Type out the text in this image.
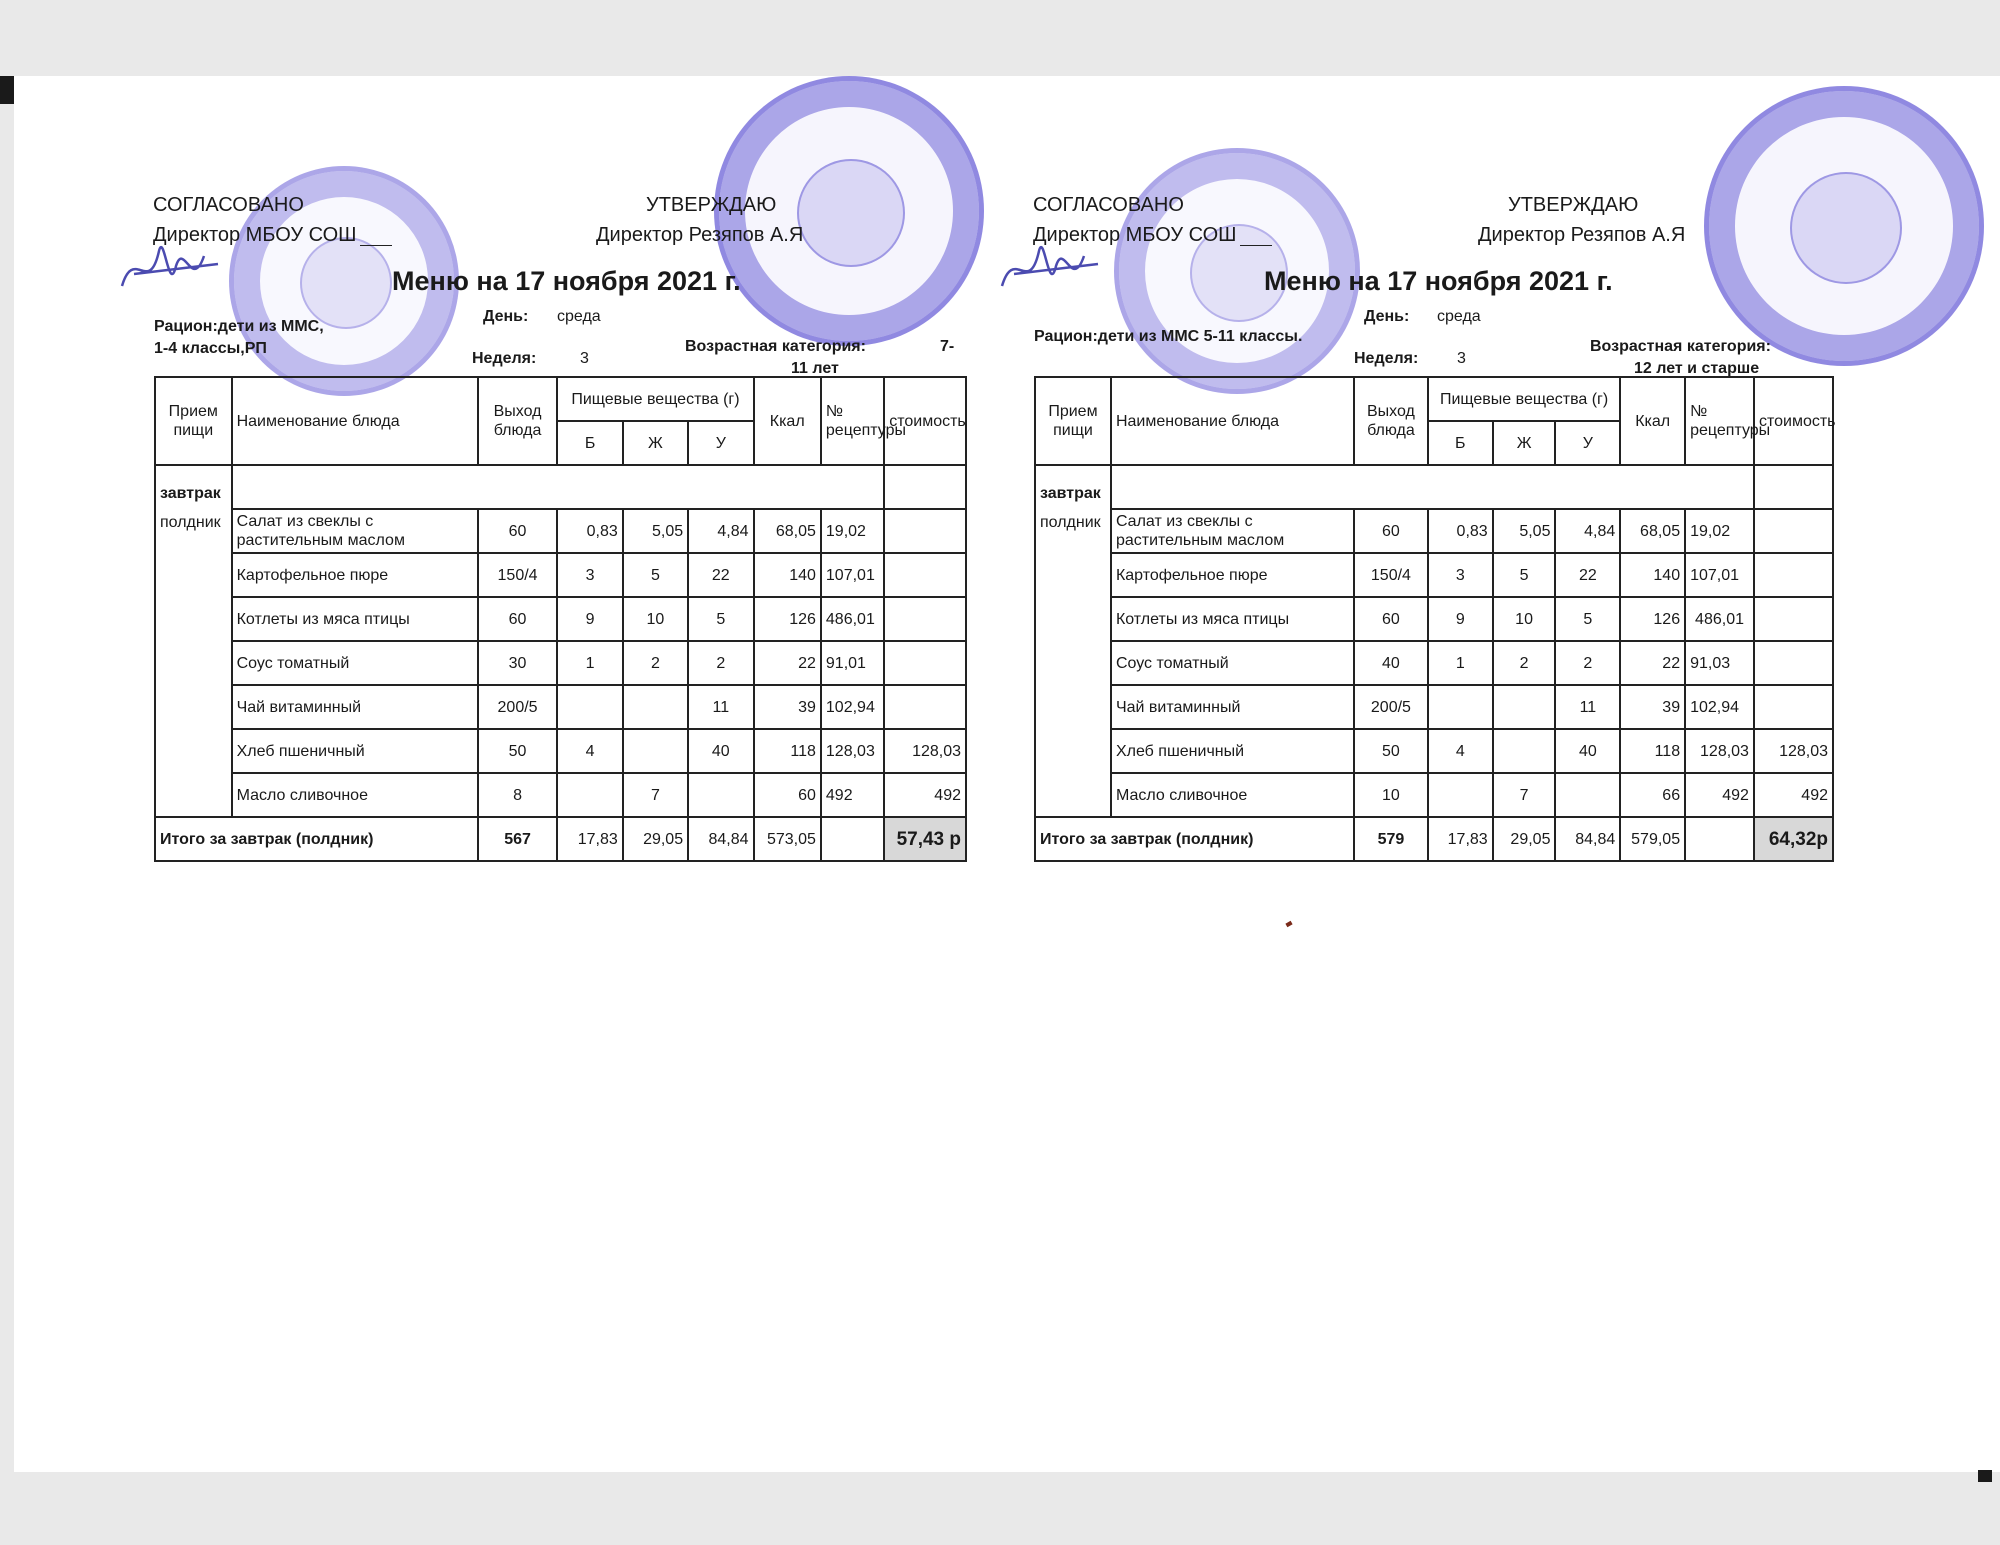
СОГЛАСОВАНО
Директор МБОУ СОШ
УТВЕРЖДАЮ
Директор Резяпов А.Я
Меню на 17 ноября 2021 г.
Рацион:дети из ММС,
1-4 классы,РП
День: среда
Неделя:	3
Возрастная категория:	7-
11 лет
Прием пищи	Наименование блюда	Выход блюда	Пищевые вещества (г)			Ккал	№ рецептуры	стоимость
			Б	Ж	У			

завтрак
полдник								

	Салат из свеклы с растительным маслом	60	0,83	5,05	4,84	68,05	19,02	
	Картофельное пюре	150/4	3	5	22	140	107,01	
	Котлеты из мяса птицы	60	9	10	5	126	486,01	
	Соус томатный	30	1	2	2	22	91,01	
	Чай витаминный	200/5			11	39	102,94	
	Хлеб пшеничный	50	4		40	118	128,03	128,03
	Масло сливочное	8		7		60	492	492
Итого за завтрак (полдник)		567	17,83	29,05	84,84	573,05		57,43 р
СОГЛАСОВАНО
Директор МБОУ СОШ
УТВЕРЖДАЮ
Директор Резяпов А.Я
Меню на 17 ноября 2021 г.
Рацион:дети из ММС 5-11 классы.
День: среда
Неделя: 3
Возрастная категория:
12 лет и старше
Прием пищи	Наименование блюда	Выход блюда	Пищевые вещества (г)			Ккал	№ рецептуры	стоимость
			Б	Ж	У			

завтрак
полдник								

	Салат из свеклы с растительным маслом	60	0,83	5,05	4,84	68,05	19,02	
	Картофельное пюре	150/4	3	5	22	140	107,01	
	Котлеты из мяса птицы	60	9	10	5	126	486,01	
	Соус томатный	40	1	2	2	22	91,03	
	Чай витаминный	200/5			11	39	102,94	
	Хлеб пшеничный	50	4		40	118	128,03	128,03
	Масло сливочное	10		7		66	492	492
Итого за завтрак (полдник)		579	17,83	29,05	84,84	579,05		64,32р
